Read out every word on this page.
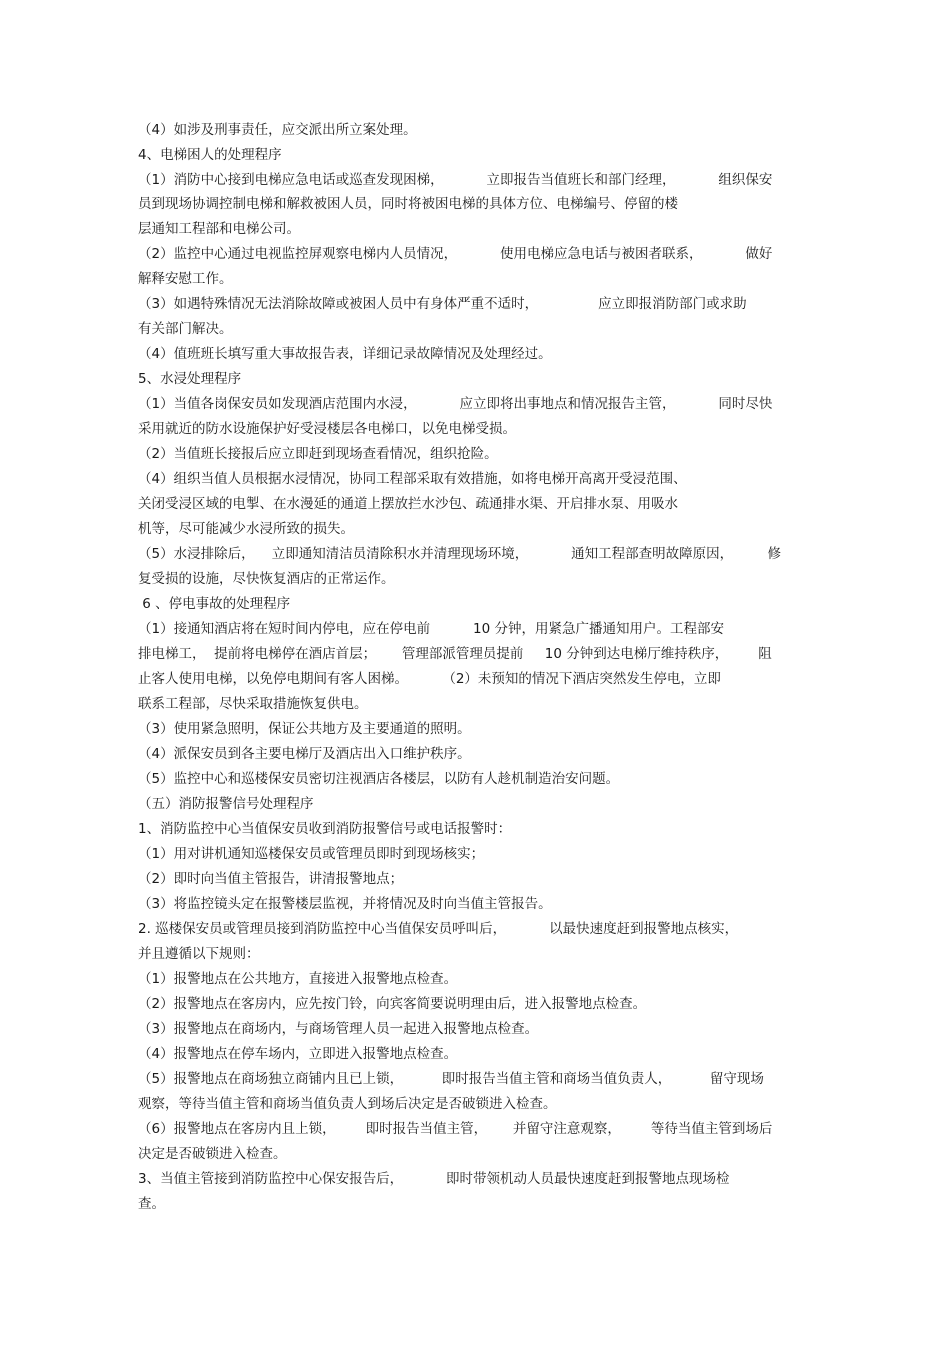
（4）如涉及刑事责任，应交派出所立案处理。
4、电梯困人的处理程序
（1）消防中心接到电梯应急电话或巡查发现困梯，          立即报告当值班长和部门经理，          组织保安
员到现场协调控制电梯和解救被困人员，同时将被困电梯的具体方位、电梯编号、停留的楼
层通知工程部和电梯公司。
（2）监控中心通过电视监控屏观察电梯内人员情况，          使用电梯应急电话与被困者联系，          做好
解释安慰工作。
（3）如遇特殊情况无法消除故障或被困人员中有身体严重不适时，              应立即报消防部门或求助
有关部门解决。
（4）值班班长填写重大事故报告表，详细记录故障情况及处理经过。
5、水浸处理程序
（1）当值各岗保安员如发现酒店范围内水浸，          应立即将出事地点和情况报告主管，          同时尽快
采用就近的防水设施保护好受浸楼层各电梯口，以免电梯受损。
（2）当值班长接报后应立即赶到现场查看情况，组织抢险。
（4）组织当值人员根据水浸情况，协同工程部采取有效措施，如将电梯开高离开受浸范围、
关闭受浸区域的电掣、在水漫延的通道上摆放拦水沙包、疏通排水渠、开启排水泵、用吸水
机等，尽可能减少水浸所致的损失。
（5）水浸排除后，    立即通知清洁员清除积水并清理现场环境，          通知工程部查明故障原因，        修
复受损的设施，尽快恢复酒店的正常运作。
6 、停电事故的处理程序
（1）接通知酒店将在短时间内停电，应在停电前          10 分钟，用紧急广播通知用户。工程部安
排电梯工，  提前将电梯停在酒店首层；      管理部派管理员提前     10 分钟到达电梯厅维持秩序，       阻
止客人使用电梯，以免停电期间有客人困梯。        （2）未预知的情况下酒店突然发生停电，立即
联系工程部，尽快采取措施恢复供电。
（3）使用紧急照明，保证公共地方及主要通道的照明。
（4）派保安员到各主要电梯厅及酒店出入口维护秩序。
（5）监控中心和巡楼保安员密切注视酒店各楼层，以防有人趁机制造治安问题。
（五）消防报警信号处理程序
1、消防监控中心当值保安员收到消防报警信号或电话报警时：
（1）用对讲机通知巡楼保安员或管理员即时到现场核实；
（2）即时向当值主管报告，讲清报警地点；
（3）将监控镜头定在报警楼层监视，并将情况及时向当值主管报告。
2. 巡楼保安员或管理员接到消防监控中心当值保安员呼叫后，          以最快速度赶到报警地点核实，
并且遵循以下规则：
（1）报警地点在公共地方，直接进入报警地点检查。
（2）报警地点在客房内，应先按门铃，向宾客简要说明理由后，进入报警地点检查。
（3）报警地点在商场内，与商场管理人员一起进入报警地点检查。
（4）报警地点在停车场内，立即进入报警地点检查。
（5）报警地点在商场独立商铺内且已上锁，         即时报告当值主管和商场当值负责人，         留守现场
观察，等待当值主管和商场当值负责人到场后决定是否破锁进入检查。
（6）报警地点在客房内且上锁，       即时报告当值主管，      并留守注意观察，       等待当值主管到场后
决定是否破锁进入检查。
3、当值主管接到消防监控中心保安报告后，          即时带领机动人员最快速度赶到报警地点现场检
查。
